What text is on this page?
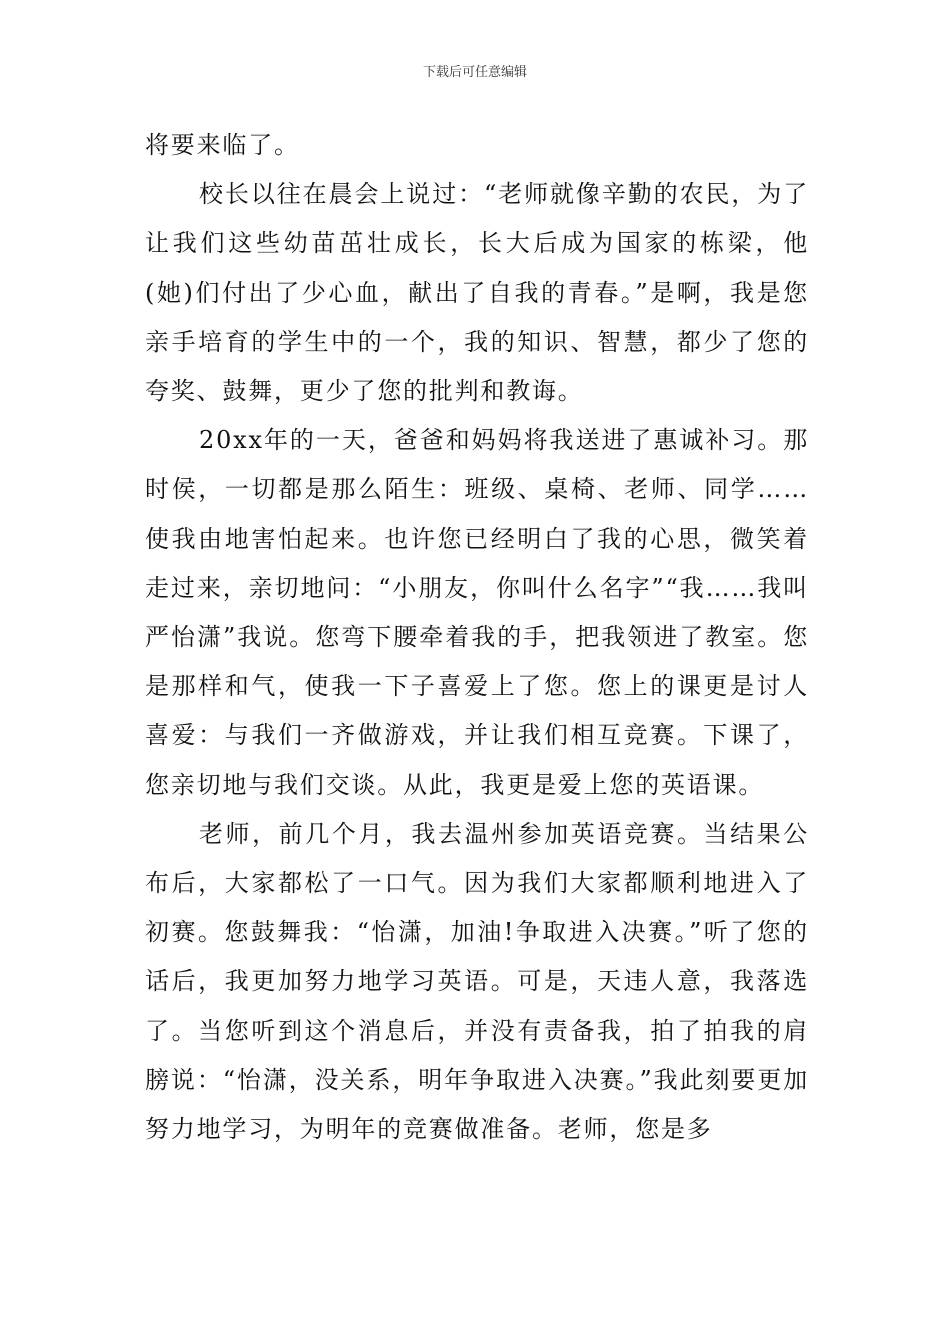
下载后可任意编辑

将要来临了。

校长以往在晨会上说过：“老师就像辛勤的农民，为了让我们这些幼苗茁壮成长，长大后成为国家的栋梁，他(她)们付出了少心血，献出了自我的青春。”是啊，我是您亲手培育的学生中的一个，我的知识、智慧，都少了您的夸奖、鼓舞，更少了您的批判和教诲。

20xx年的一天，爸爸和妈妈将我送进了惠诚补习。那时侯，一切都是那么陌生：班级、桌椅、老师、同学……使我由地害怕起来。也许您已经明白了我的心思，微笑着走过来，亲切地问：“小朋友，你叫什么名字”“我……我叫严怡潇”我说。您弯下腰牵着我的手，把我领进了教室。您是那样和气，使我一下子喜爱上了您。您上的课更是讨人喜爱：与我们一齐做游戏，并让我们相互竞赛。下课了，您亲切地与我们交谈。从此，我更是爱上您的英语课。

老师，前几个月，我去温州参加英语竞赛。当结果公布后，大家都松了一口气。因为我们大家都顺利地进入了初赛。您鼓舞我：“怡潇，加油!争取进入决赛。”听了您的话后，我更加努力地学习英语。可是，天违人意，我落选了。当您听到这个消息后，并没有责备我，拍了拍我的肩膀说：“怡潇，没关系，明年争取进入决赛。”我此刻要更加努力地学习，为明年的竞赛做准备。老师，您是多
